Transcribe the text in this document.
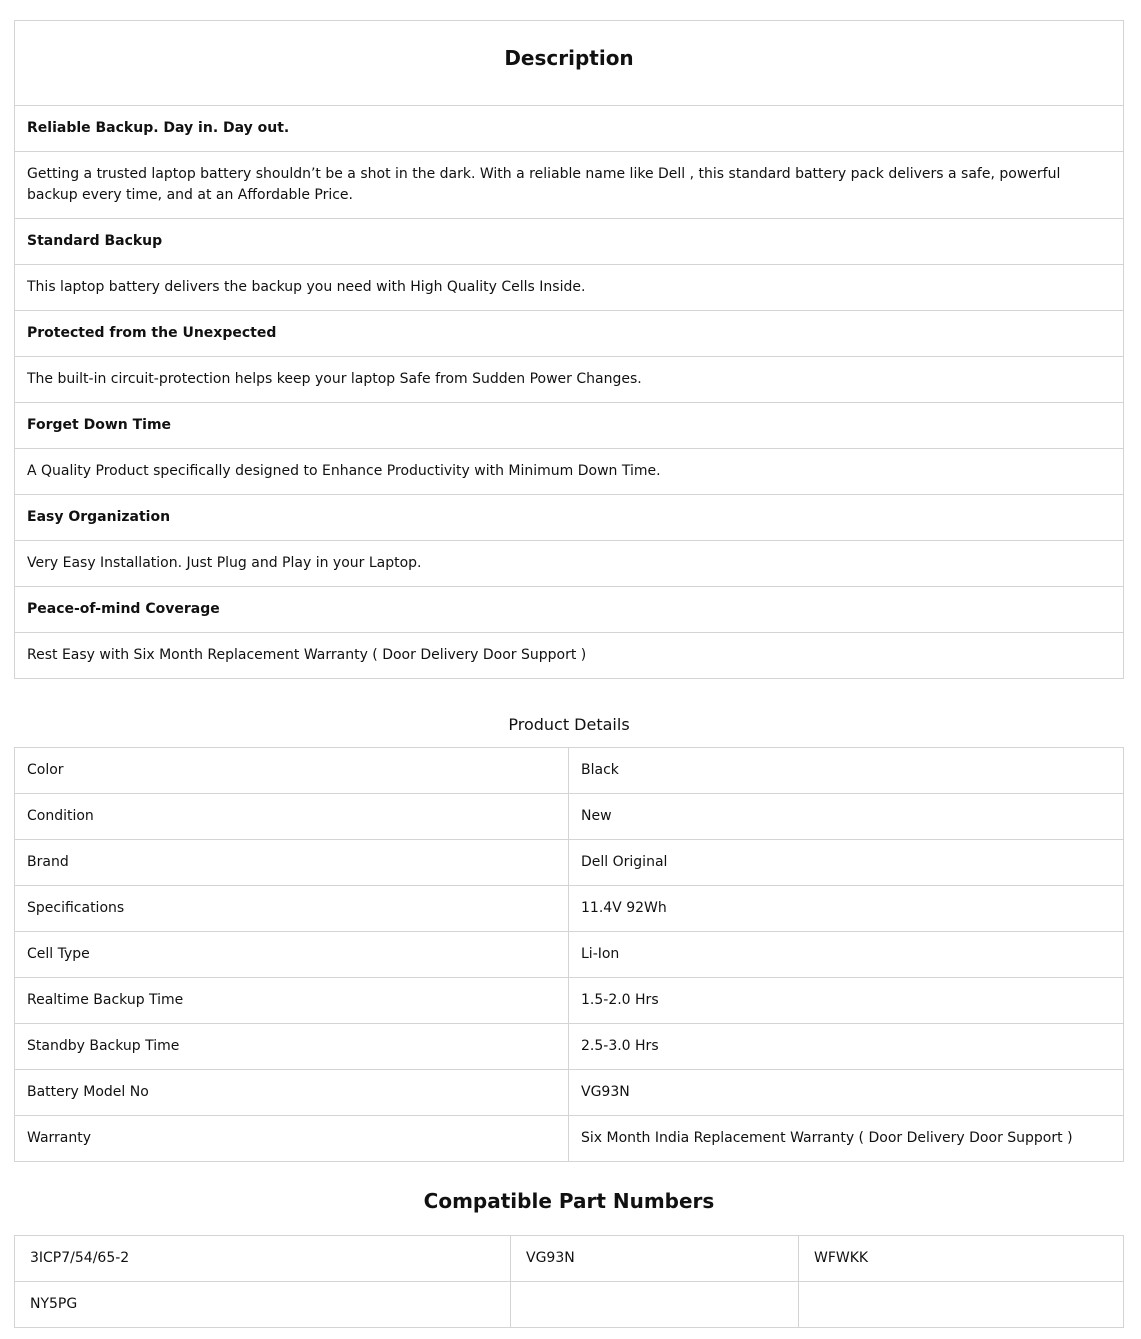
Description
Reliable Backup. Day in. Day out.
Getting a trusted laptop battery shouldn’t be a shot in the dark. With a reliable name like Dell , this standard battery pack delivers a safe, powerful backup every time, and at an Affordable Price.
Standard Backup
This laptop battery delivers the backup you need with High Quality Cells Inside.
Protected from the Unexpected
The built-in circuit-protection helps keep your laptop Safe from Sudden Power Changes.
Forget Down Time
A Quality Product specifically designed to Enhance Productivity with Minimum Down Time.
Easy Organization
Very Easy Installation. Just Plug and Play in your Laptop.
Peace-of-mind Coverage
Rest Easy with Six Month Replacement Warranty ( Door Delivery Door Support )
Product Details
Color	Black
Condition	New
Brand	Dell Original
Specifications	11.4V 92Wh
Cell Type	Li-Ion
Realtime Backup Time	1.5-2.0 Hrs
Standby Backup Time	2.5-3.0 Hrs
Battery Model No	VG93N
Warranty	Six Month India Replacement Warranty ( Door Delivery Door Support )
Compatible Part Numbers
3ICP7/54/65-2	VG93N	WFWKK
NY5PG		
